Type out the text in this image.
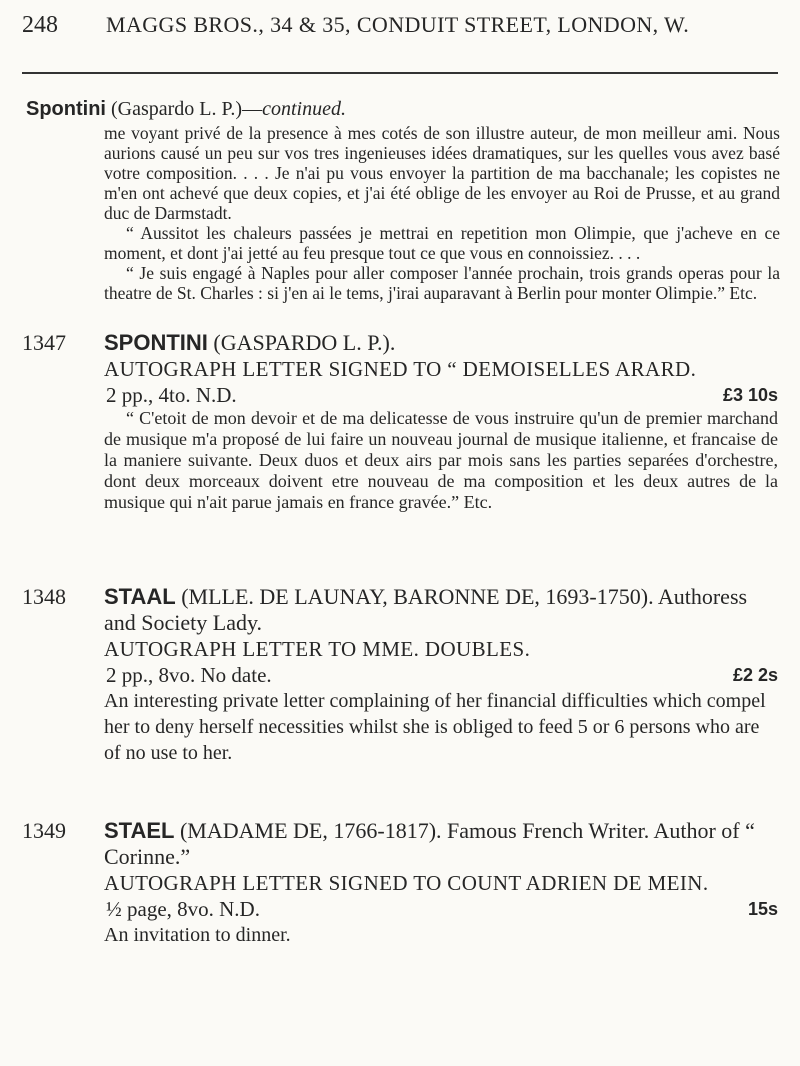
248 MAGGS BROS., 34 & 35, CONDUIT STREET, LONDON, W.
Spontini (Gaspardo L. P.)—continued.

me voyant privé de la presence à mes cotés de son illustre auteur, de mon meilleur ami. Nous aurions causé un peu sur vos tres ingenieuses idées dramatiques, sur les quelles vous avez basé votre composition. . . . Je n'ai pu vous envoyer la partition de ma bacchanale; les copistes ne m'en ont achevé que deux copies, et j'ai été oblige de les envoyer au Roi de Prusse, et au grand duc de Darmstadt.

“ Aussitot les chaleurs passées je mettrai en repetition mon Olimpie, que j'acheve en ce moment, et dont j'ai jetté au feu presque tout ce que vous en connoissiez. . . .

“ Je suis engagé à Naples pour aller composer l'année prochain, trois grands operas pour la theatre de St. Charles : si j'en ai le tems, j'irai auparavant à Berlin pour monter Olimpie.” Etc.

1347 SPONTINI (GASPARDO L. P.).
AUTOGRAPH LETTER SIGNED TO “ DEMOISELLES ARARD.
2 pp., 4to. N.D.	£3 10s

“ C'etoit de mon devoir et de ma delicatesse de vous instruire qu'un de premier marchand de musique m'a proposé de lui faire un nouveau journal de musique italienne, et francaise de la maniere suivante. Deux duos et deux airs par mois sans les parties separées d'orchestre, dont deux morceaux doivent etre nouveau de ma composition et les deux autres de la musique qui n'ait parue jamais en france gravée.” Etc.

1348 STAAL (MLLE. DE LAUNAY, BARONNE DE, 1693-1750). Authoress and Society Lady.
AUTOGRAPH LETTER TO MME. DOUBLES.
2 pp., 8vo. No date.	£2 2s
An interesting private letter complaining of her financial difficulties which compel her to deny herself necessities whilst she is obliged to feed 5 or 6 persons who are of no use to her.
1349 STAEL (MADAME DE, 1766-1817). Famous French Writer. Author of “ Corinne.”
AUTOGRAPH LETTER SIGNED TO COUNT ADRIEN DE MEIN.
½ page, 8vo. N.D.	15s
An invitation to dinner.
